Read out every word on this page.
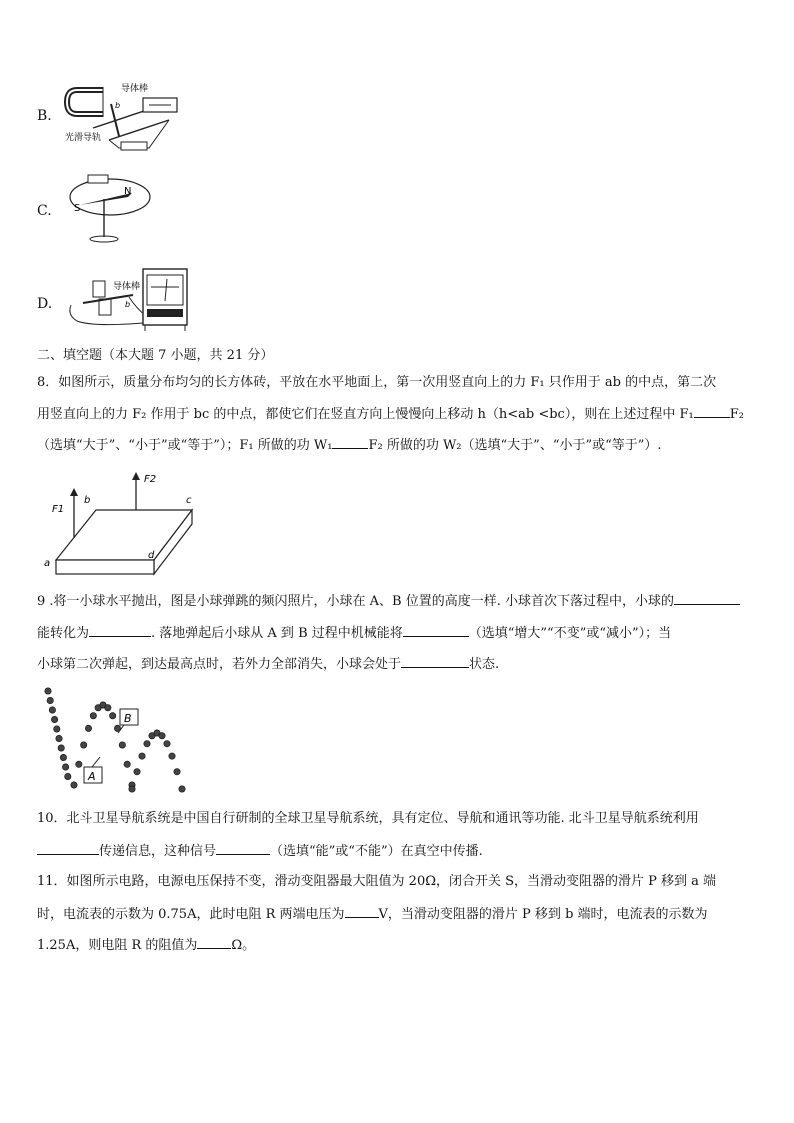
B.
导体棒
b
光滑导轨
C. S
N
D.
导体棒
b
二、填空题（本大题 7 小题，共 21 分）
8．如图所示，质量分布均匀的长方体砖，平放在水平地面上，第一次用竖直向上的力 F₁ 只作用于 ab 的中点，第二次
用竖直向上的力 F₂ 作用于 bc 的中点，都使它们在竖直方向上慢慢向上移动 h（h<ab <bc），则在上述过程中 F₁	F₂
（选填“大于”、“小于”或“等于”）；F₁ 所做的功 W₁	F₂ 所做的功 W₂（选填“大于”、“小于”或“等于”）.
F1
F2
b	c
a
d
9 .将一小球水平抛出，图是小球弹跳的频闪照片，小球在 A、B 位置的高度一样. 小球首次下落过程中，小球的
能转化为	. 落地弹起后小球从 A 到 B 过程中机械能将	（选填“增大”“不变”或“减小”）；当
小球第二次弹起，到达最高点时，若外力全部消失，小球会处于	状态.
B
A
10．北斗卫星导航系统是中国自行研制的全球卫星导航系统，具有定位、导航和通讯等功能. 北斗卫星导航系统利用
传递信息，这种信号	（选填“能”或“不能”）在真空中传播.
11．如图所示电路，电源电压保持不变，滑动变阻器最大阻值为 20Ω，闭合开关 S，当滑动变阻器的滑片 P 移到 a 端
时，电流表的示数为 0.75A，此时电阻 R 两端电压为	V，当滑动变阻器的滑片 P 移到 b 端时，电流表的示数为
1.25A，则电阻 R 的阻值为	Ω。
